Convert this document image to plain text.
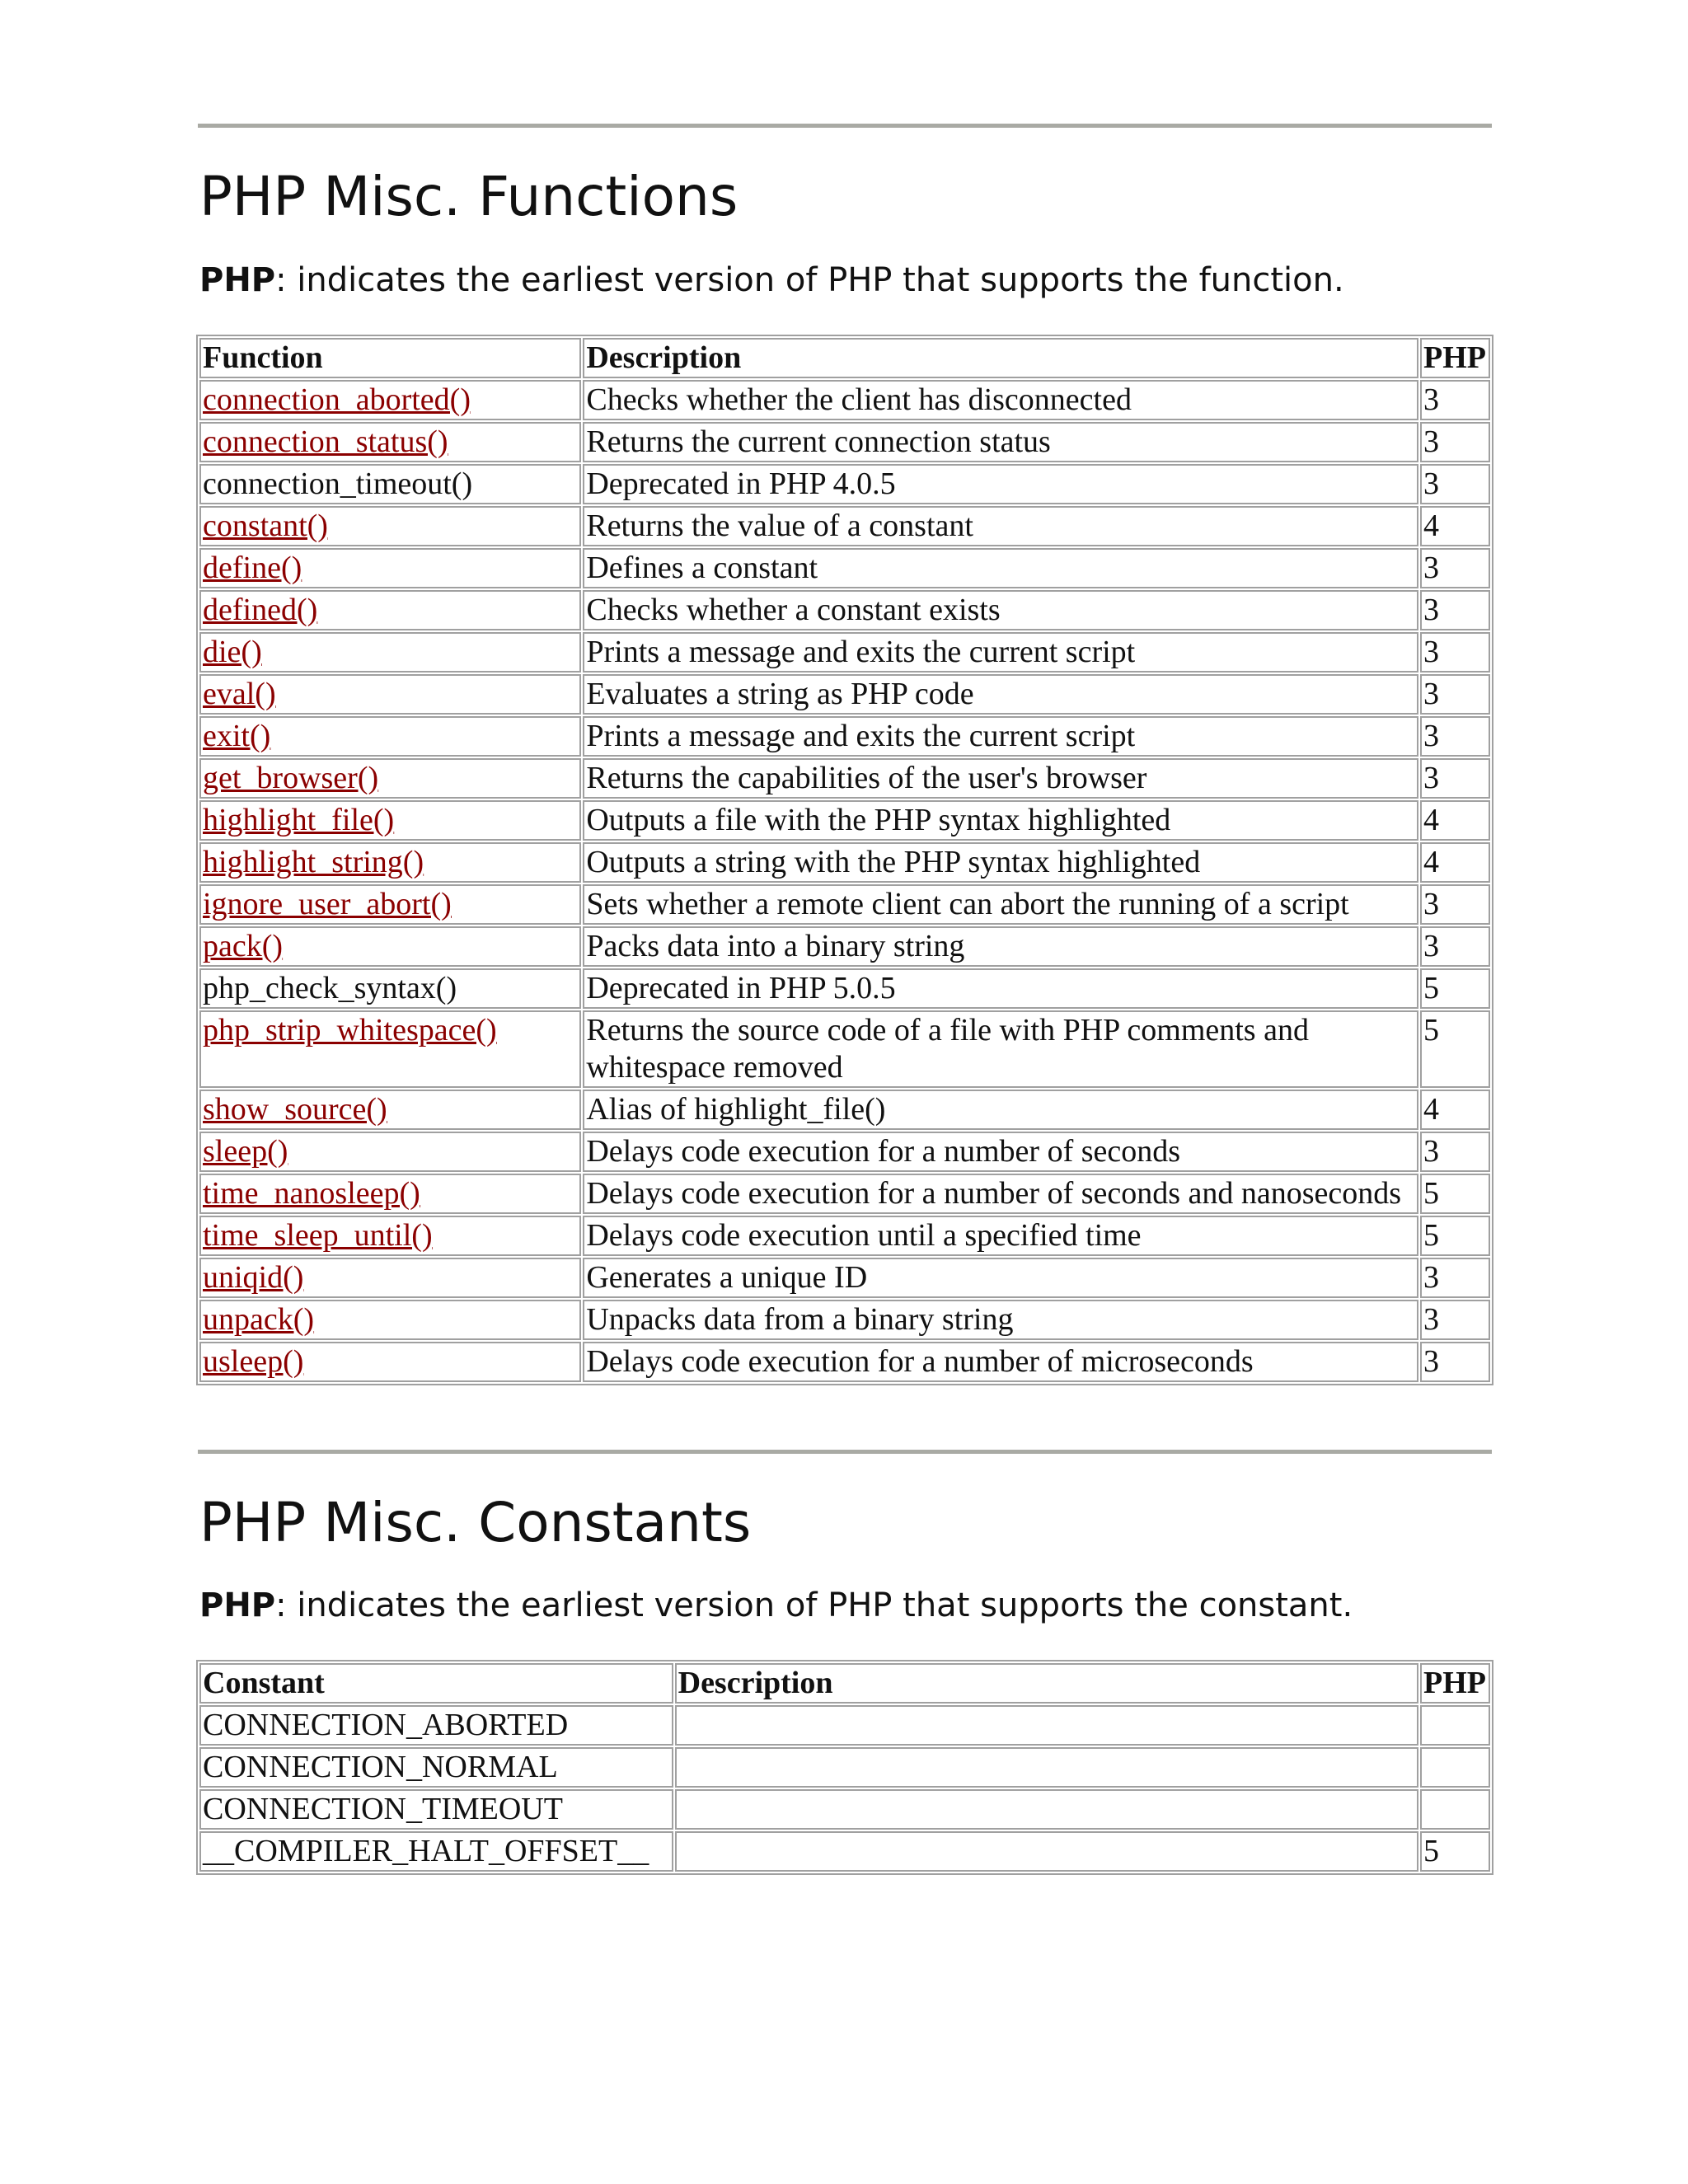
PHP Misc. Functions

PHP: indicates the earliest version of PHP that supports the function.

Function	Description	PHP
connection_aborted()	Checks whether the client has disconnected	3
connection_status()	Returns the current connection status	3
connection_timeout()	Deprecated in PHP 4.0.5	3
constant()	Returns the value of a constant	4
define()	Defines a constant	3
defined()	Checks whether a constant exists	3
die()	Prints a message and exits the current script	3
eval()	Evaluates a string as PHP code	3
exit()	Prints a message and exits the current script	3
get_browser()	Returns the capabilities of the user's browser	3
highlight_file()	Outputs a file with the PHP syntax highlighted	4
highlight_string()	Outputs a string with the PHP syntax highlighted	4
ignore_user_abort()	Sets whether a remote client can abort the running of a script	3
pack()	Packs data into a binary string	3
php_check_syntax()	Deprecated in PHP 5.0.5	5
php_strip_whitespace()	Returns the source code of a file with PHP comments and whitespace removed	5
show_source()	Alias of highlight_file()	4
sleep()	Delays code execution for a number of seconds	3
time_nanosleep()	Delays code execution for a number of seconds and nanoseconds	5
time_sleep_until()	Delays code execution until a specified time	5
uniqid()	Generates a unique ID	3
unpack()	Unpacks data from a binary string	3
usleep()	Delays code execution for a number of microseconds	3
PHP Misc. Constants

PHP: indicates the earliest version of PHP that supports the constant.

Constant	Description	PHP
CONNECTION_ABORTED		
CONNECTION_NORMAL		
CONNECTION_TIMEOUT		
__COMPILER_HALT_OFFSET__		5
